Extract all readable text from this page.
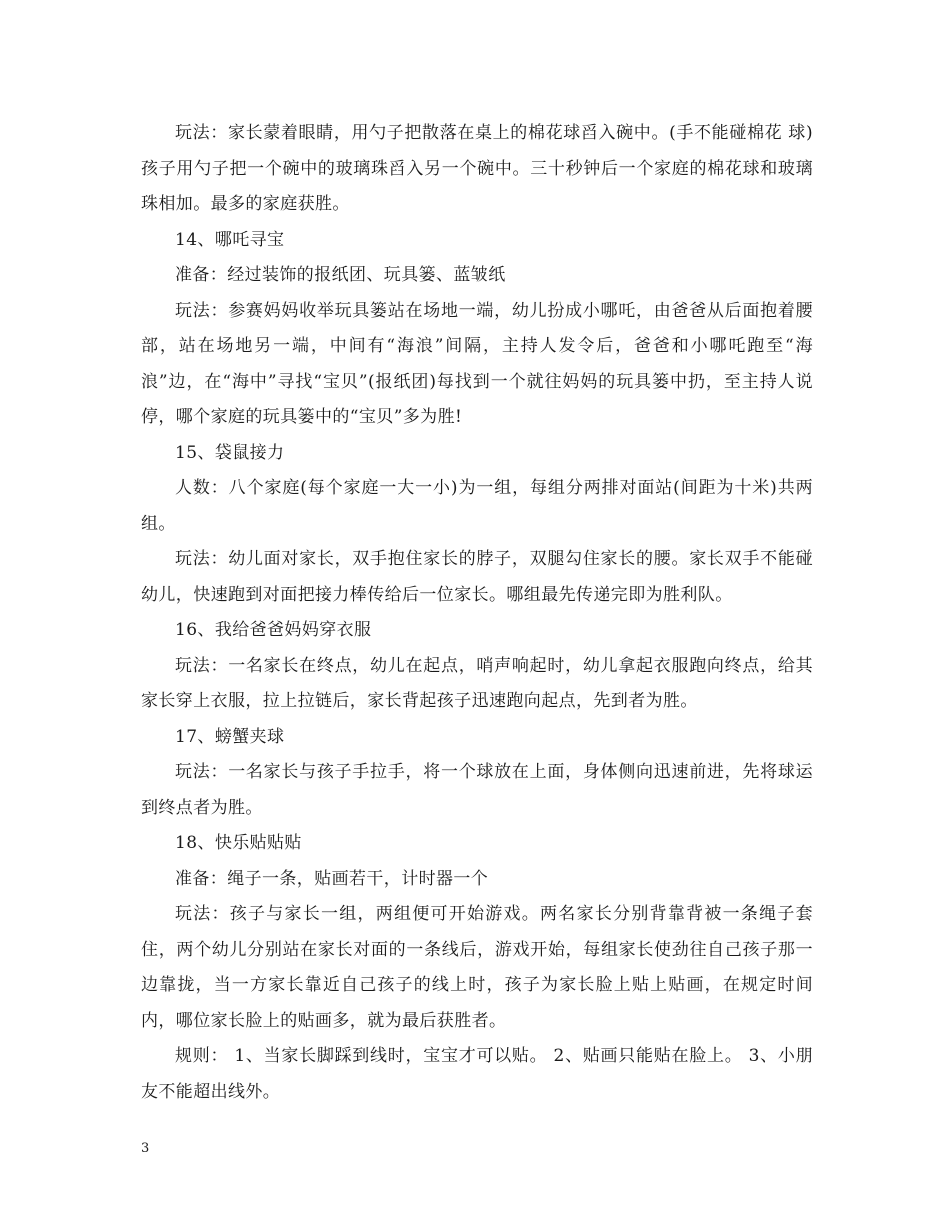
玩法：家长蒙着眼睛，用勺子把散落在桌上的棉花球舀入碗中。(手不能碰棉花 球)孩子用勺子把一个碗中的玻璃珠舀入另一个碗中。三十秒钟后一个家庭的棉花球和玻璃珠相加。最多的家庭获胜。

14、哪吒寻宝

准备：经过装饰的报纸团、玩具篓、蓝皱纸

玩法：参赛妈妈收举玩具篓站在场地一端，幼儿扮成小哪吒，由爸爸从后面抱着腰部，站在场地另一端，中间有“海浪”间隔，主持人发令后，爸爸和小哪吒跑至“海浪”边，在“海中”寻找“宝贝”(报纸团)每找到一个就往妈妈的玩具篓中扔，至主持人说停，哪个家庭的玩具篓中的“宝贝”多为胜!

15、袋鼠接力

人数：八个家庭(每个家庭一大一小)为一组，每组分两排对面站(间距为十米)共两组。

玩法：幼儿面对家长，双手抱住家长的脖子，双腿勾住家长的腰。家长双手不能碰幼儿，快速跑到对面把接力棒传给后一位家长。哪组最先传递完即为胜利队。

16、我给爸爸妈妈穿衣服

玩法：一名家长在终点，幼儿在起点，哨声响起时，幼儿拿起衣服跑向终点，给其家长穿上衣服，拉上拉链后，家长背起孩子迅速跑向起点，先到者为胜。

17、螃蟹夹球

玩法：一名家长与孩子手拉手，将一个球放在上面，身体侧向迅速前进，先将球运到终点者为胜。

18、快乐贴贴贴

准备：绳子一条，贴画若干，计时器一个

玩法：孩子与家长一组，两组便可开始游戏。两名家长分别背靠背被一条绳子套住，两个幼儿分别站在家长对面的一条线后，游戏开始，每组家长使劲往自己孩子那一边靠拢，当一方家长靠近自己孩子的线上时，孩子为家长脸上贴上贴画，在规定时间内，哪位家长脸上的贴画多，就为最后获胜者。

规则： 1、当家长脚踩到线时，宝宝才可以贴。 2、贴画只能贴在脸上。 3、小朋友不能超出线外。

3
